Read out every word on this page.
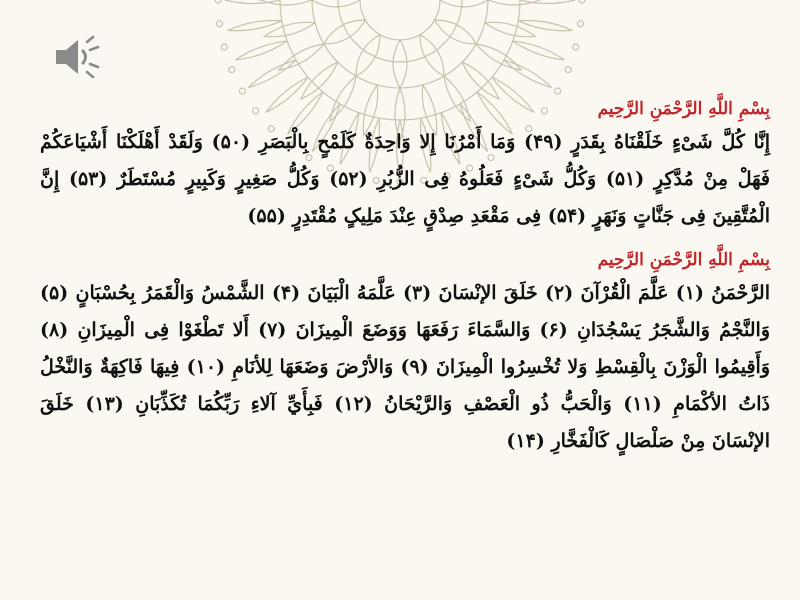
بِسْمِ اللَّهِ الرَّحْمَنِ الرَّحِيم

إِنَّا كُلَّ شَىْءٍ خَلَقْنَاهُ بِقَدَرٍ (۴۹) وَمَا أَمْرُنَا إِلا وَاحِدَةٌ كَلَمْحٍ بِالْبَصَرِ (۵۰) وَلَقَدْ أَهْلَكْنَا أَشْيَاعَكُمْ فَهَلْ مِنْ مُدَّكِرٍ (۵۱) وَكُلُّ شَىْءٍ فَعَلُوهُ فِى الزُّبُرِ (۵۲) وَكُلُّ صَغِيرٍ وَكَبِيرٍ مُسْتَطَرٌ (۵۳) إِنَّ الْمُتَّقِينَ فِى جَنَّاتٍ وَنَهَرٍ (۵۴) فِى مَقْعَدِ صِدْقٍ عِنْدَ مَلِيکٍ مُقْتَدِرٍ (۵۵)

بِسْمِ اللَّهِ الرَّحْمَنِ الرَّحِيم

الرَّحْمَنُ (۱) عَلَّمَ الْقُرْآنَ (۲) خَلَقَ الإنْسَانَ (۳) عَلَّمَهُ الْبَيَانَ (۴) الشَّمْسُ وَالْقَمَرُ بِحُسْبَانٍ (۵) وَالنَّجْمُ وَالشَّجَرُ يَسْجُدَانِ (۶) وَالسَّمَاءَ رَفَعَهَا وَوَضَعَ الْمِيزَانَ (۷) أَلا تَطْغَوْا فِى الْمِيزَانِ (۸) وَأَقِيمُوا الْوَزْنَ بِالْقِسْطِ وَلا تُخْسِرُوا الْمِيزَانَ (۹) وَالأرْضَ وَضَعَهَا لِلأنَامِ (۱۰) فِيهَا فَاكِهَةٌ وَالنَّخْلُ ذَاتُ الأكْمَامِ (۱۱) وَالْحَبُّ ذُو الْعَصْفِ وَالرَّيْحَانُ (۱۲) فَبِأَيِّ آلاءِ رَبِّكُمَا تُكَذِّبَانِ (۱۳) خَلَقَ الإنْسَانَ مِنْ صَلْصَالٍ كَالْفَخَّارِ (۱۴)
